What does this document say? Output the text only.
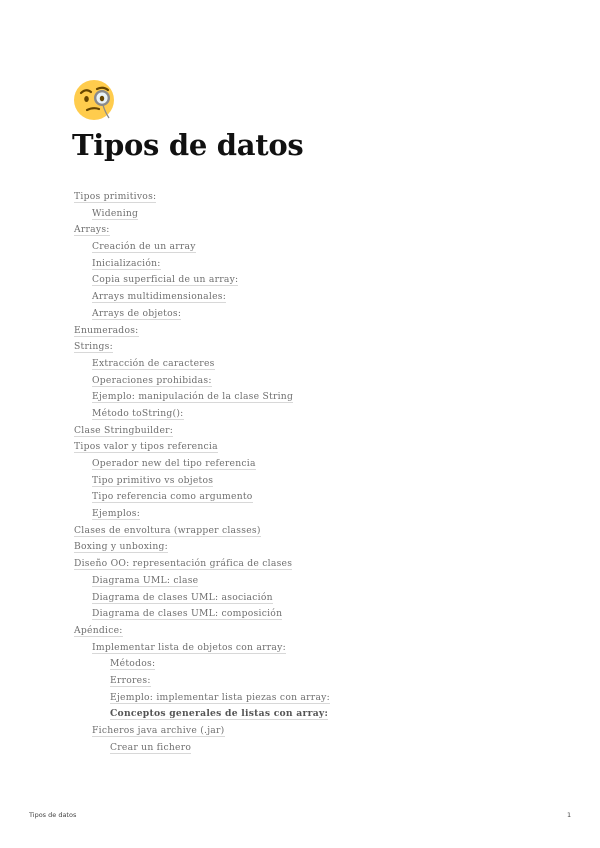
Tipos de datos
Tipos primitivos:
Widening
Arrays:
Creación de un array
Inicialización:
Copia superficial de un array:
Arrays multidimensionales:
Arrays de objetos:
Enumerados:
Strings:
Extracción de caracteres
Operaciones prohibidas:
Ejemplo: manipulación de la clase String
Método toString():
Clase Stringbuilder:
Tipos valor y tipos referencia
Operador new del tipo referencia
Tipo primitivo vs objetos
Tipo referencia como argumento
Ejemplos:
Clases de envoltura (wrapper classes)
Boxing y unboxing:
Diseño OO: representación gráfica de clases
Diagrama UML: clase
Diagrama de clases UML: asociación
Diagrama de clases UML: composición
Apéndice:
Implementar lista de objetos con array:
Métodos:
Errores:
Ejemplo: implementar lista piezas con array:
Conceptos generales de listas con array:
Ficheros java archive (.jar)
Crear un fichero
Tipos de datos	1
